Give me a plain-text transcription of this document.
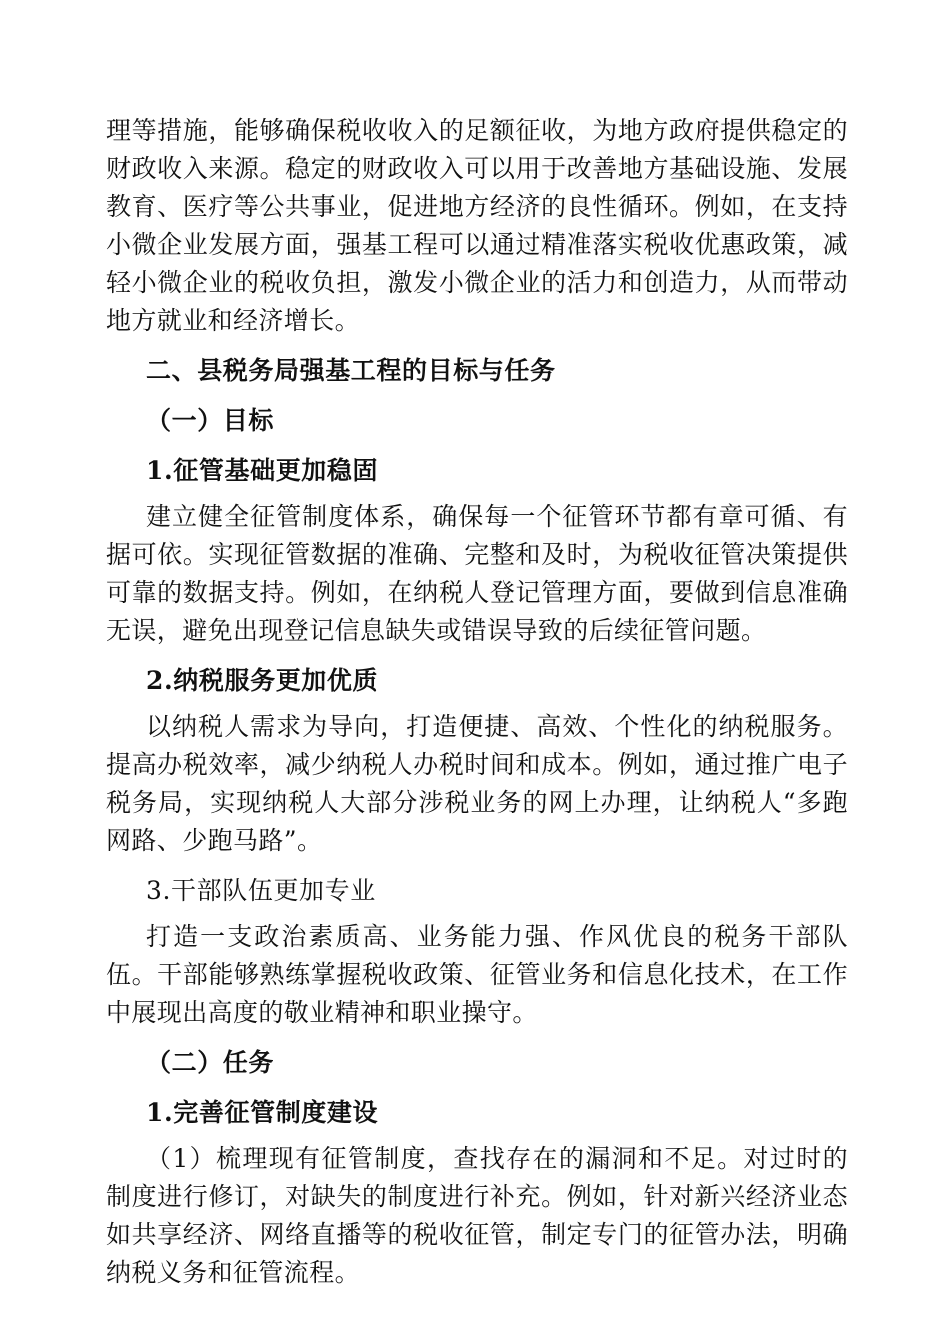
理等措施，能够确保税收收入的足额征收，为地方政府提供稳定的财政收入来源。稳定的财政收入可以用于改善地方基础设施、发展教育、医疗等公共事业，促进地方经济的良性循环。例如，在支持小微企业发展方面，强基工程可以通过精准落实税收优惠政策，减轻小微企业的税收负担，激发小微企业的活力和创造力，从而带动地方就业和经济增长。

二、县税务局强基工程的目标与任务
（一）目标
1.征管基础更加稳固

建立健全征管制度体系，确保每一个征管环节都有章可循、有据可依。实现征管数据的准确、完整和及时，为税收征管决策提供可靠的数据支持。例如，在纳税人登记管理方面，要做到信息准确无误，避免出现登记信息缺失或错误导致的后续征管问题。

2.纳税服务更加优质

以纳税人需求为导向，打造便捷、高效、个性化的纳税服务。提高办税效率，减少纳税人办税时间和成本。例如，通过推广电子税务局，实现纳税人大部分涉税业务的网上办理，让纳税人“多跑网路、少跑马路”。

3.干部队伍更加专业

打造一支政治素质高、业务能力强、作风优良的税务干部队伍。干部能够熟练掌握税收政策、征管业务和信息化技术，在工作中展现出高度的敬业精神和职业操守。

（二）任务
1.完善征管制度建设

（1）梳理现有征管制度，查找存在的漏洞和不足。对过时的制度进行修订，对缺失的制度进行补充。例如，针对新兴经济业态如共享经济、网络直播等的税收征管，制定专门的征管办法，明确纳税义务和征管流程。
